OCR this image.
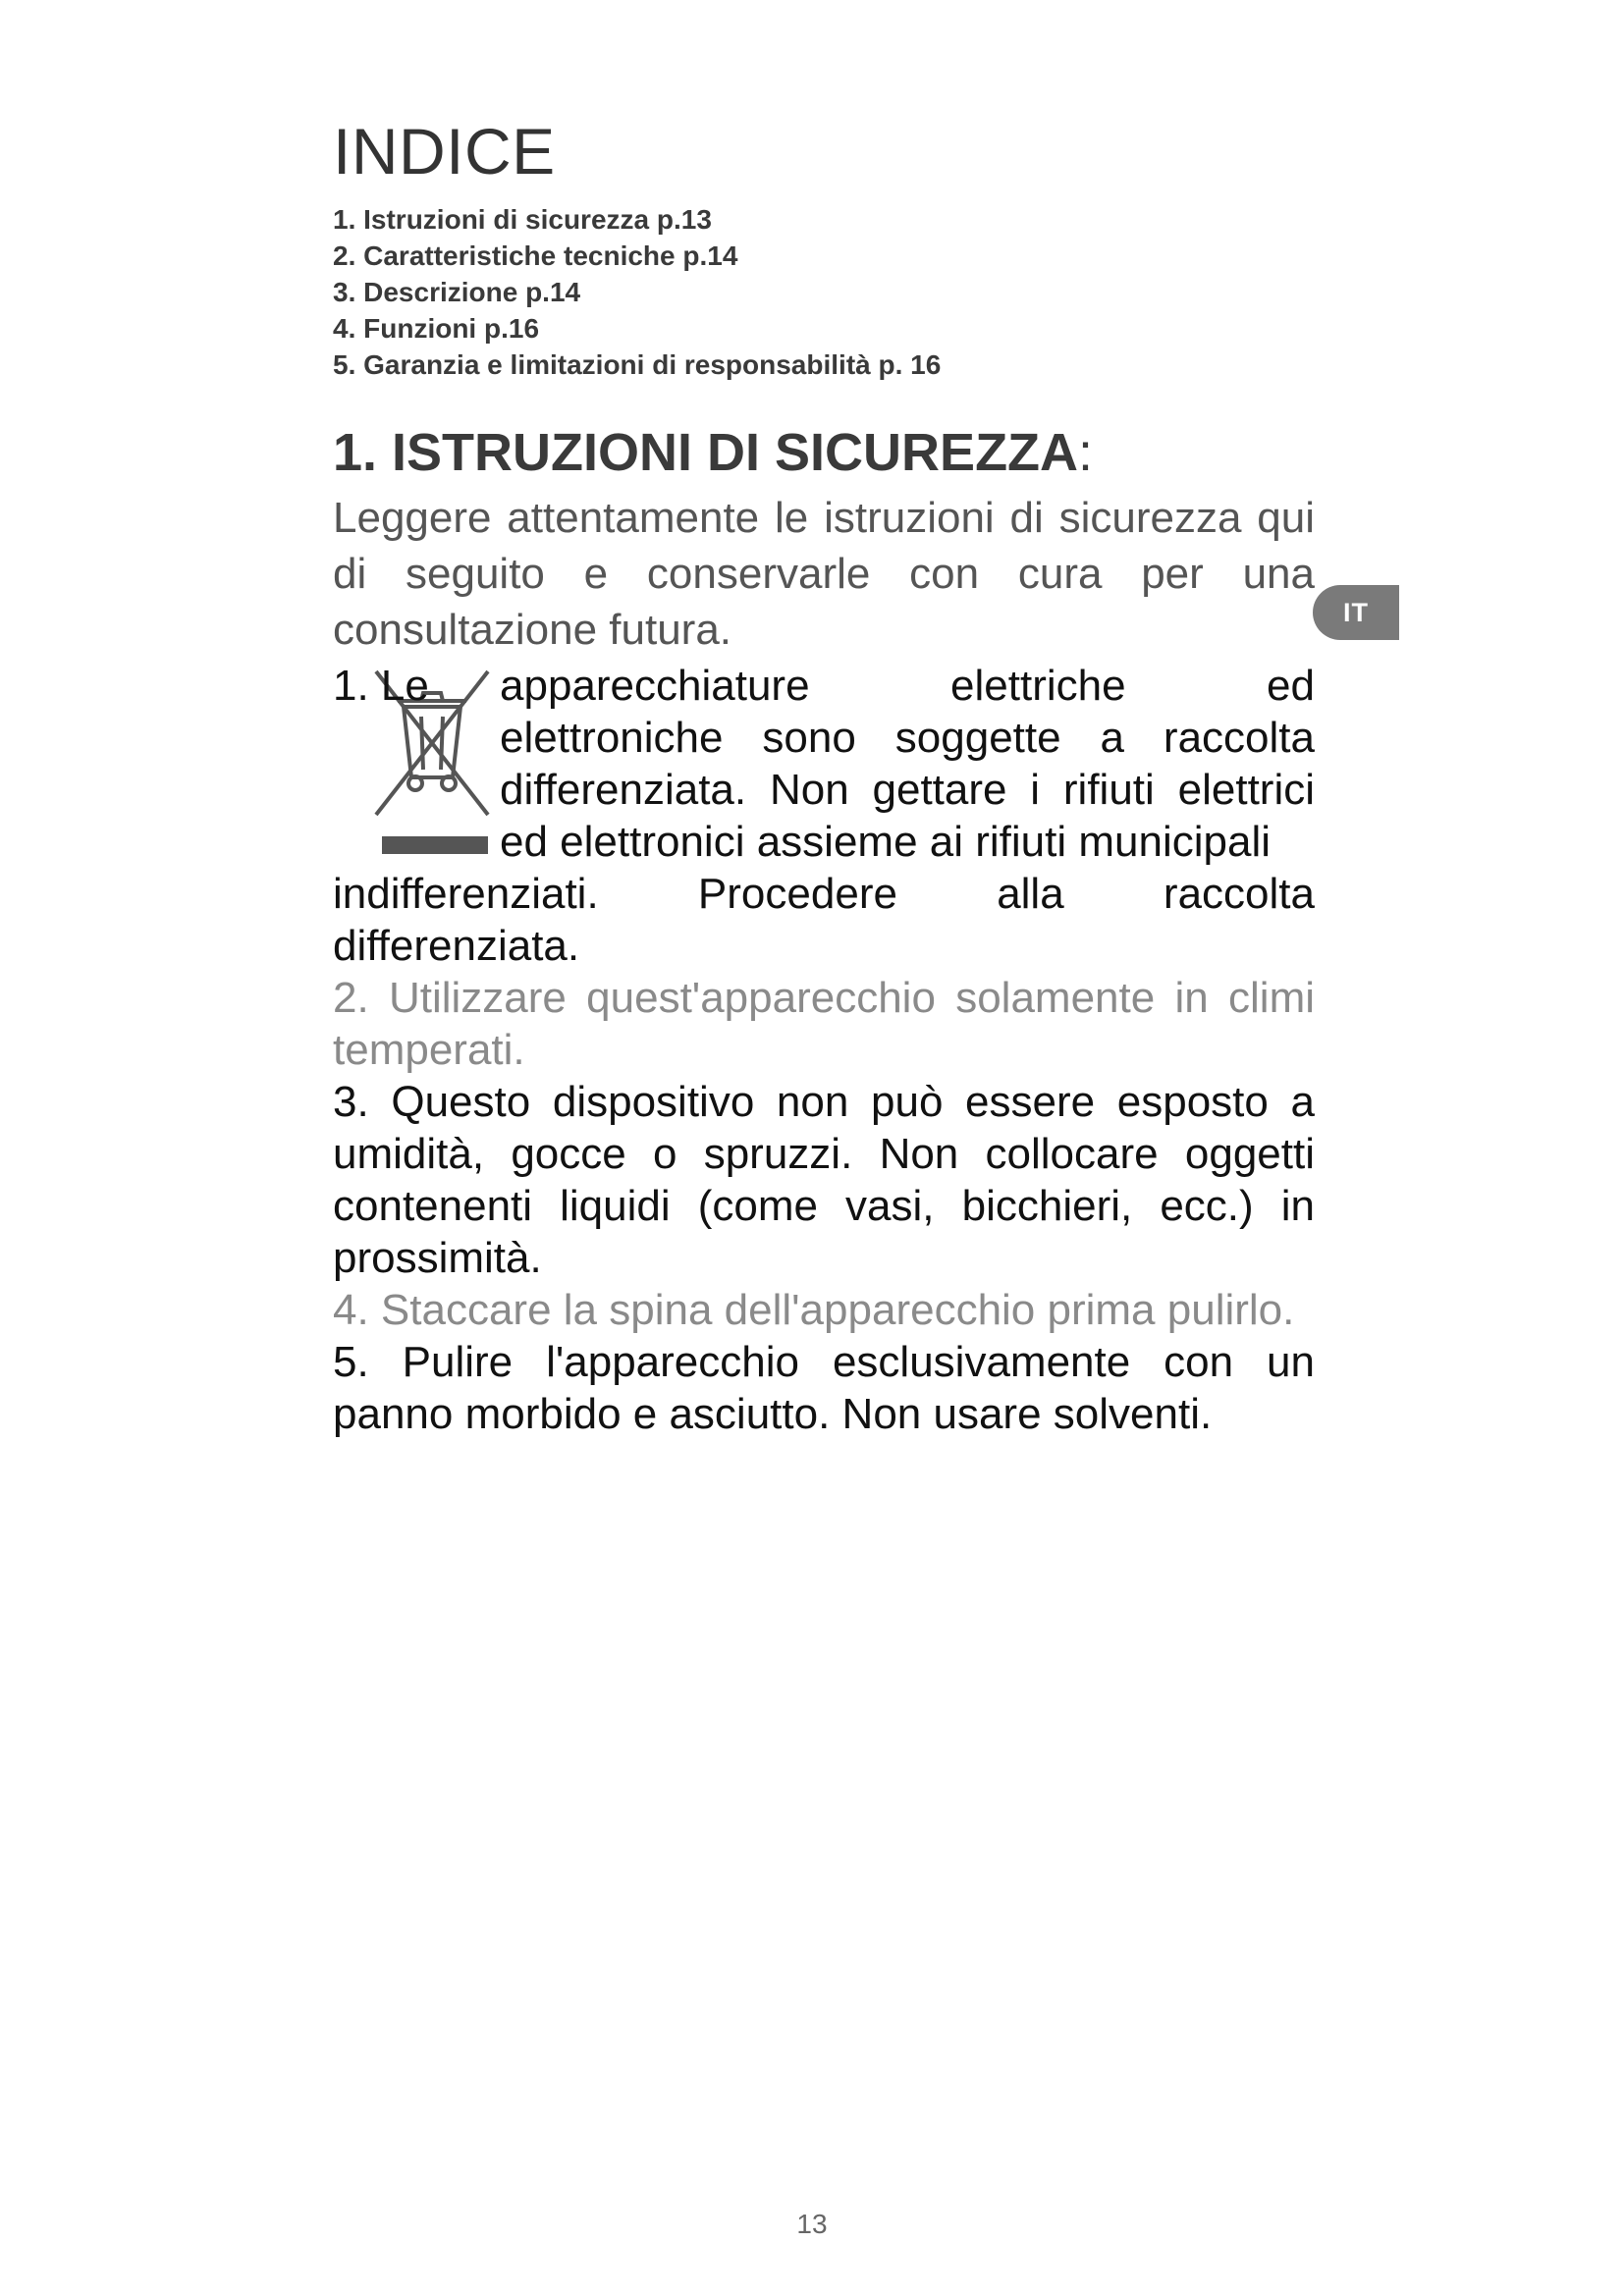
INDICE
1. Istruzioni di sicurezza p.13
2. Caratteristiche tecniche p.14
3. Descrizione p.14
4. Funzioni p.16
5. Garanzia e limitazioni di responsabilità p. 16
1. ISTRUZIONI DI SICUREZZA:

Leggere attentamente le istruzioni di sicurezza qui di seguito e conservarle con cura per una consultazione futura.

1. Le	apparecchiature elettriche ed
elettroniche sono soggette a raccolta
differenziata. Non gettare i rifiuti elettrici
ed elettronici assieme ai rifiuti municipali
indifferenziati. Procedere alla raccolta
differenziata.

2. Utilizzare quest'apparecchio solamente in climi temperati.

3. Questo dispositivo non può essere esposto a umidità, gocce o spruzzi. Non collocare oggetti contenenti liquidi (come vasi, bicchieri, ecc.) in prossimità.

4. Staccare la spina dell'apparecchio prima pulirlo.

5. Pulire l'apparecchio esclusivamente con un panno morbido e asciutto. Non usare solventi.

IT
13
